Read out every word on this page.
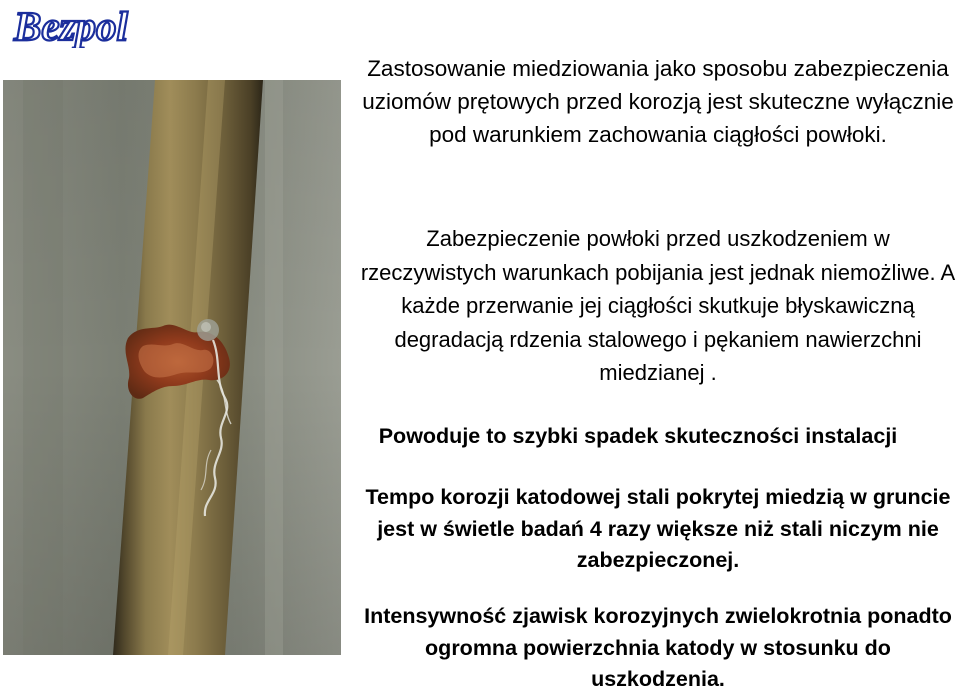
Bezpol
Zastosowanie miedziowania jako sposobu zabezpieczenia uziomów prętowych przed korozją jest skuteczne wyłącznie pod warunkiem zachowania ciągłości powłoki.
Zabezpieczenie powłoki przed uszkodzeniem w rzeczywistych warunkach pobijania jest jednak niemożliwe. A każde przerwanie jej ciągłości skutkuje błyskawiczną degradacją rdzenia stalowego i pękaniem nawierzchni miedzianej .
Powoduje to szybki spadek skuteczności instalacji
Tempo korozji katodowej stali pokrytej miedzią w gruncie jest w świetle badań 4 razy większe niż stali niczym nie zabezpieczonej.
Intensywność zjawisk korozyjnych zwielokrotnia ponadto ogromna powierzchnia katody w stosunku do uszkodzenia.
